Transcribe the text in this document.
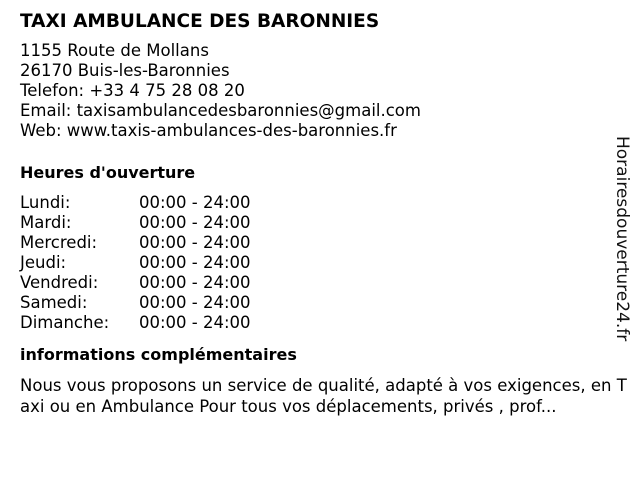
TAXI AMBULANCE DES BARONNIES
1155 Route de Mollans
26170 Buis-les-Baronnies
Telefon: +33 4 75 28 08 20
Email: taxisambulancedesbaronnies@gmail.com
Web: www.taxis-ambulances-des-baronnies.fr
Heures d'ouverture
Lundi:	00:00 - 24:00
Mardi:	00:00 - 24:00
Mercredi:	00:00 - 24:00
Jeudi:	00:00 - 24:00
Vendredi:	00:00 - 24:00
Samedi:	00:00 - 24:00
Dimanche:	00:00 - 24:00
informations complémentaires
Nous vous proposons un service de qualité, adapté à vos exigences, en Taxi ou en Ambulance Pour tous vos déplacements, privés , prof...
Horairesdouverture24.fr
